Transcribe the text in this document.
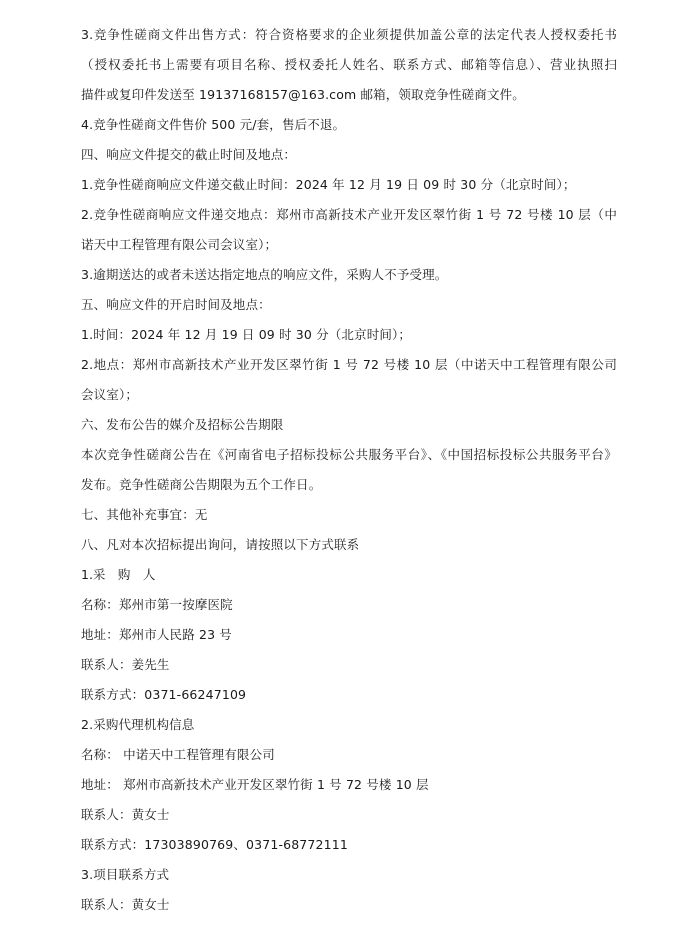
3.竞争性磋商文件出售方式：符合资格要求的企业须提供加盖公章的法定代表人授权委托书
（授权委托书上需要有项目名称、授权委托人姓名、联系方式、邮箱等信息）、营业执照扫
描件或复印件发送至 19137168157@163.com 邮箱，领取竞争性磋商文件。
4.竞争性磋商文件售价 500 元/套，售后不退。
四、响应文件提交的截止时间及地点：
1.竞争性磋商响应文件递交截止时间：2024 年 12 月 19 日 09 时 30 分（北京时间）；
2.竞争性磋商响应文件递交地点：郑州市高新技术产业开发区翠竹街 1 号 72 号楼 10 层（中
诺天中工程管理有限公司会议室）；
3.逾期送达的或者未送达指定地点的响应文件，采购人不予受理。
五、响应文件的开启时间及地点：
1.时间：2024 年 12 月 19 日 09 时 30 分（北京时间）；
2.地点：郑州市高新技术产业开发区翠竹街 1 号 72 号楼 10 层（中诺天中工程管理有限公司
会议室）；
六、发布公告的媒介及招标公告期限
本次竞争性磋商公告在《河南省电子招标投标公共服务平台》、《中国招标投标公共服务平台》
发布。竞争性磋商公告期限为五个工作日。
七、其他补充事宜：无
八、凡对本次招标提出询问，请按照以下方式联系
1.采　购　人
名称：郑州市第一按摩医院
地址：郑州市人民路 23 号
联系人：姜先生
联系方式：0371-66247109
2.采购代理机构信息
名称： 中诺天中工程管理有限公司
地址： 郑州市高新技术产业开发区翠竹街 1 号 72 号楼 10 层
联系人：黄女士
联系方式：17303890769、0371-68772111
3.项目联系方式
联系人：黄女士
